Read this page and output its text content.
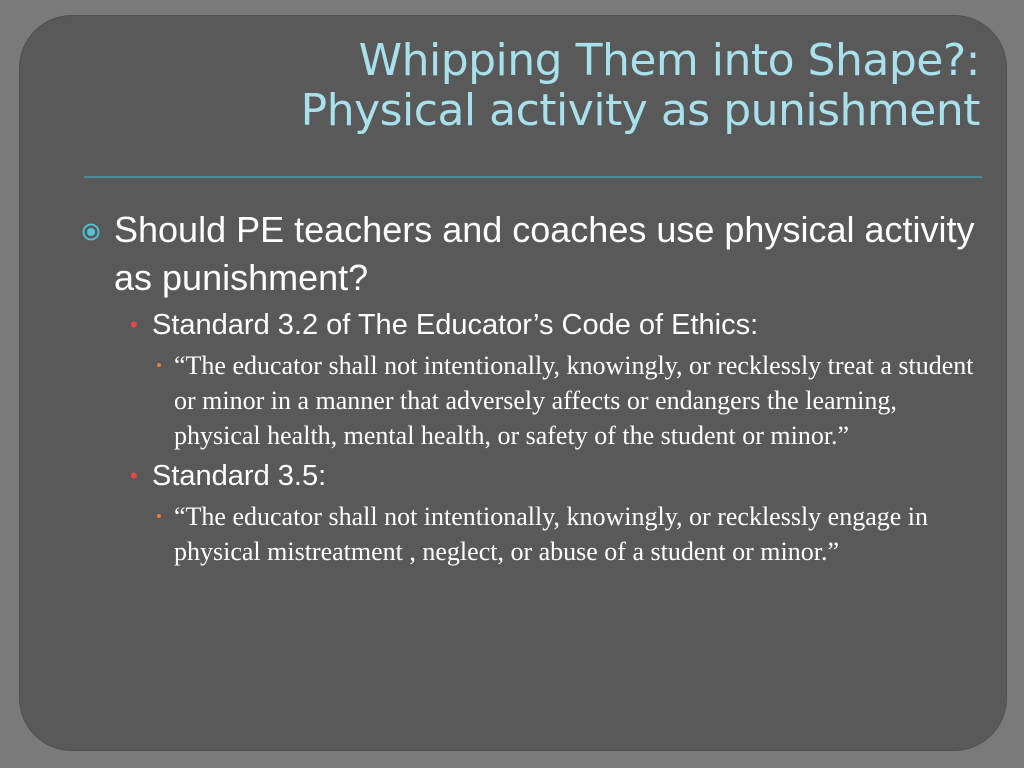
Whipping Them into Shape?:
Physical activity as punishment
Should PE teachers and coaches use physical activity as punishment?
• Standard 3.2 of The Educator’s Code of Ethics:
• “The educator shall not intentionally, knowingly, or recklessly treat a student or minor in a manner that adversely affects or endangers the learning, physical health, mental health, or safety of the student or minor.”
• Standard 3.5:
• “The educator shall not intentionally, knowingly, or recklessly engage in physical mistreatment , neglect, or abuse of a student or minor.”
